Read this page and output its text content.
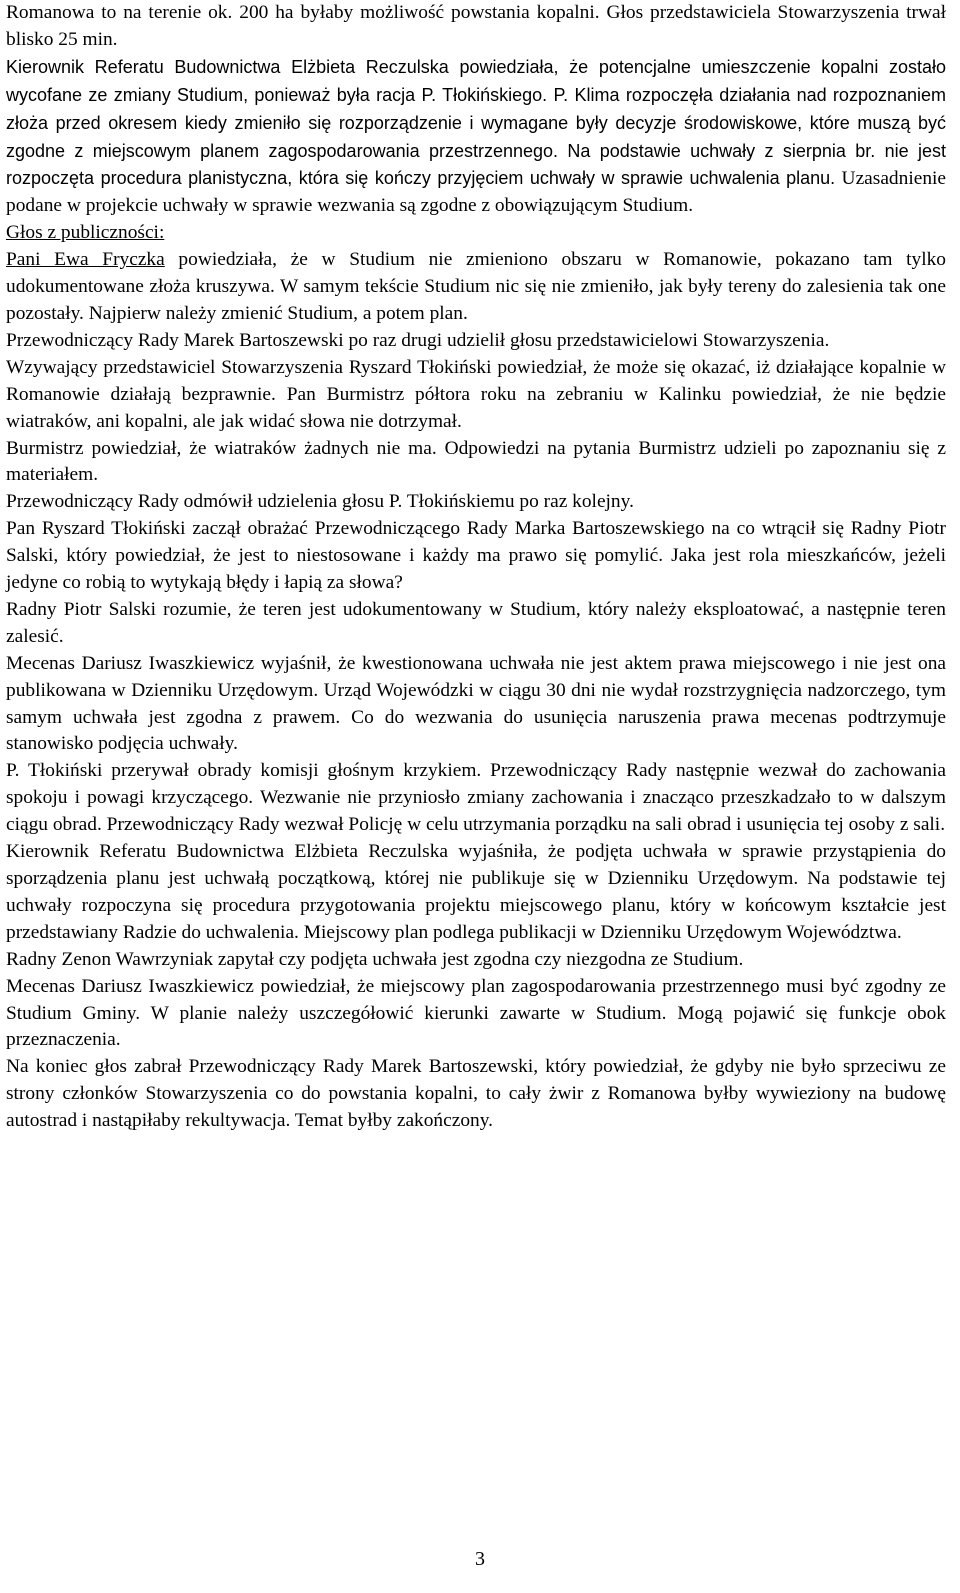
Romanowa to na terenie ok. 200 ha byłaby możliwość powstania kopalni. Głos przedstawiciela Stowarzyszenia trwał blisko 25 min.

Kierownik Referatu Budownictwa Elżbieta Reczulska powiedziała, że potencjalne umieszczenie kopalni zostało wycofane ze zmiany Studium, ponieważ była racja P. Tłokińskiego. P. Klima rozpoczęła działania nad rozpoznaniem złoża przed okresem kiedy zmieniło się rozporządzenie i wymagane były decyzje środowiskowe, które muszą być zgodne z miejscowym planem zagospodarowania przestrzennego. Na podstawie uchwały z sierpnia br. nie jest rozpoczęta procedura planistyczna, która się kończy przyjęciem uchwały w sprawie uchwalenia planu. Uzasadnienie podane w projekcie uchwały w sprawie wezwania są zgodne z obowiązującym Studium.

Głos z publiczności:

Pani Ewa Fryczka powiedziała, że w Studium nie zmieniono obszaru w Romanowie, pokazano tam tylko udokumentowane złoża kruszywa. W samym tekście Studium nic się nie zmieniło, jak były tereny do zalesienia tak one pozostały. Najpierw należy zmienić Studium, a potem plan.

Przewodniczący Rady Marek Bartoszewski po raz drugi udzielił głosu przedstawicielowi Stowarzyszenia.

Wzywający przedstawiciel Stowarzyszenia Ryszard Tłokiński powiedział, że może się okazać, iż działające kopalnie w Romanowie działają bezprawnie. Pan Burmistrz półtora roku na zebraniu w Kalinku powiedział, że nie będzie wiatraków, ani kopalni, ale jak widać słowa nie dotrzymał.

Burmistrz powiedział, że wiatraków żadnych nie ma. Odpowiedzi na pytania Burmistrz udzieli po zapoznaniu się z materiałem.

Przewodniczący Rady odmówił udzielenia głosu P. Tłokińskiemu po raz kolejny.

Pan Ryszard Tłokiński zaczął obrażać Przewodniczącego Rady Marka Bartoszewskiego na co wtrącił się Radny Piotr Salski, który powiedział, że jest to niestosowane i każdy ma prawo się pomylić. Jaka jest rola mieszkańców, jeżeli jedyne co robią to wytykają błędy i łapią za słowa?

Radny Piotr Salski rozumie, że teren jest udokumentowany w Studium, który należy eksploatować, a następnie teren zalesić.

Mecenas Dariusz Iwaszkiewicz wyjaśnił, że kwestionowana uchwała nie jest aktem prawa miejscowego i nie jest ona publikowana w Dzienniku Urzędowym. Urząd Wojewódzki w ciągu 30 dni nie wydał rozstrzygnięcia nadzorczego, tym samym uchwała jest zgodna z prawem. Co do wezwania do usunięcia naruszenia prawa mecenas podtrzymuje stanowisko podjęcia uchwały.

P. Tłokiński przerywał obrady komisji głośnym krzykiem. Przewodniczący Rady następnie wezwał do zachowania spokoju i powagi krzyczącego. Wezwanie nie przyniosło zmiany zachowania i znacząco przeszkadzało to w dalszym ciągu obrad. Przewodniczący Rady wezwał Policję w celu utrzymania porządku na sali obrad i usunięcia tej osoby z sali.

Kierownik Referatu Budownictwa Elżbieta Reczulska wyjaśniła, że podjęta uchwała w sprawie przystąpienia do sporządzenia planu jest uchwałą początkową, której nie publikuje się w Dzienniku Urzędowym. Na podstawie tej uchwały rozpoczyna się procedura przygotowania projektu miejscowego planu, który w końcowym kształcie jest przedstawiany Radzie do uchwalenia. Miejscowy plan podlega publikacji w Dzienniku Urzędowym Województwa.

Radny Zenon Wawrzyniak zapytał czy podjęta uchwała jest zgodna czy niezgodna ze Studium.

Mecenas Dariusz Iwaszkiewicz powiedział, że miejscowy plan zagospodarowania przestrzennego musi być zgodny ze Studium Gminy. W planie należy uszczegółowić kierunki zawarte w Studium. Mogą pojawić się funkcje obok przeznaczenia.

Na koniec głos zabrał Przewodniczący Rady Marek Bartoszewski, który powiedział, że gdyby nie było sprzeciwu ze strony członków Stowarzyszenia co do powstania kopalni, to cały żwir z Romanowa byłby wywieziony na budowę autostrad i nastąpiłaby rekultywacja. Temat byłby zakończony.

3
